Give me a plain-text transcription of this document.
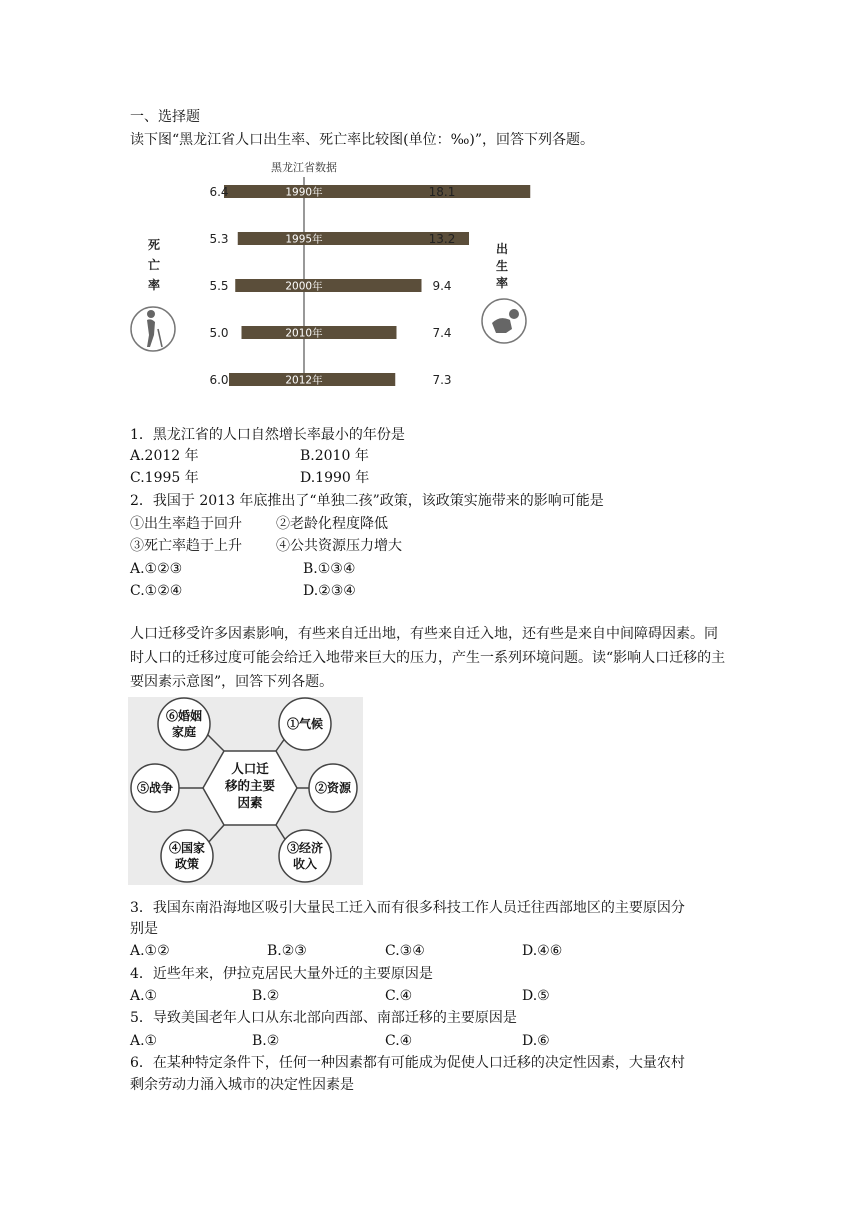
一、选择题
读下图“黑龙江省人口出生率、死亡率比较图(单位：‰)”，回答下列各题。
黑龙江省数据
1990年
6.4	18.1
1995年
5.3	13.2
2000年
5.5	9.4
2010年
5.0	7.4
2012年
6.0	7.3
死
亡
率
出
生
率
1．黑龙江省的人口自然增长率最小的年份是
A.2012 年	B.2010 年
C.1995 年	D.1990 年
2．我国于 2013 年底推出了“单独二孩”政策，该政策实施带来的影响可能是
①出生率趋于回升 ②老龄化程度降低
③死亡率趋于上升 ④公共资源压力增大
A.①②③	B.①③④
C.①②④	D.②③④
人口迁移受许多因素影响，有些来自迁出地，有些来自迁入地，还有些是来自中间障碍因素。同时人口的迁移过度可能会给迁入地带来巨大的压力，产生一系列环境问题。读“影响人口迁移的主要因素示意图”，回答下列各题。
人口迁
移的主要
因素
⑥婚姻
家庭
①气候
⑤战争	②资源
④国家
政策
③经济
收入
3．我国东南沿海地区吸引大量民工迁入而有很多科技工作人员迁往西部地区的主要原因分
别是
A.①②	B.②③	C.③④	D.④⑥
4．近些年来，伊拉克居民大量外迁的主要原因是
A.①	B.②	C.④	D.⑤
5．导致美国老年人口从东北部向西部、南部迁移的主要原因是
A.①	B.②	C.④	D.⑥
6．在某种特定条件下，任何一种因素都有可能成为促使人口迁移的决定性因素，大量农村
剩余劳动力涌入城市的决定性因素是
